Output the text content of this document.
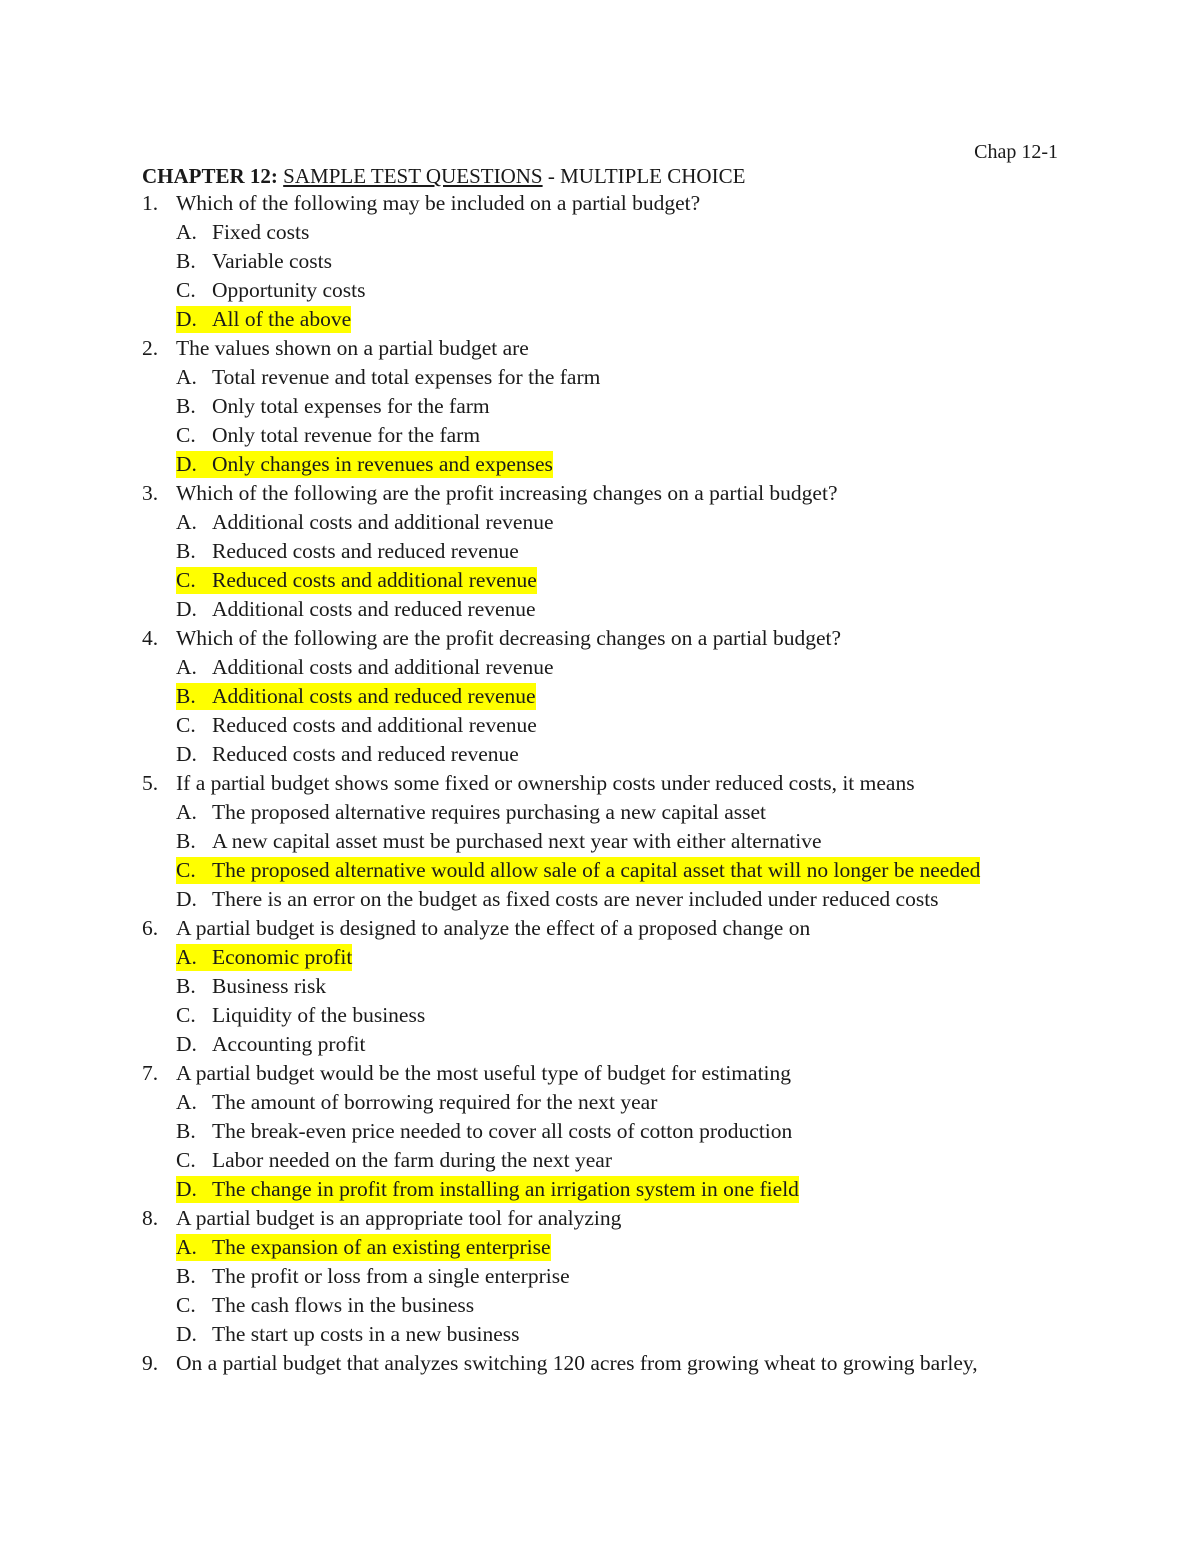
Chap 12-1
CHAPTER 12: SAMPLE TEST QUESTIONS - MULTIPLE CHOICE
1. Which of the following may be included on a partial budget?
A. Fixed costs
B. Variable costs
C. Opportunity costs
D. All of the above
2. The values shown on a partial budget are
A. Total revenue and total expenses for the farm
B. Only total expenses for the farm
C. Only total revenue for the farm
D. Only changes in revenues and expenses
3. Which of the following are the profit increasing changes on a partial budget?
A. Additional costs and additional revenue
B. Reduced costs and reduced revenue
C. Reduced costs and additional revenue
D. Additional costs and reduced revenue
4. Which of the following are the profit decreasing changes on a partial budget?
A. Additional costs and additional revenue
B. Additional costs and reduced revenue
C. Reduced costs and additional revenue
D. Reduced costs and reduced revenue
5. If a partial budget shows some fixed or ownership costs under reduced costs, it means
A. The proposed alternative requires purchasing a new capital asset
B. A new capital asset must be purchased next year with either alternative
C. The proposed alternative would allow sale of a capital asset that will no longer be needed
D. There is an error on the budget as fixed costs are never included under reduced costs
6. A partial budget is designed to analyze the effect of a proposed change on
A. Economic profit
B. Business risk
C. Liquidity of the business
D. Accounting profit
7. A partial budget would be the most useful type of budget for estimating
A. The amount of borrowing required for the next year
B. The break-even price needed to cover all costs of cotton production
C. Labor needed on the farm during the next year
D. The change in profit from installing an irrigation system in one field
8. A partial budget is an appropriate tool for analyzing
A. The expansion of an existing enterprise
B. The profit or loss from a single enterprise
C. The cash flows in the business
D. The start up costs in a new business
9. On a partial budget that analyzes switching 120 acres from growing wheat to growing barley,
